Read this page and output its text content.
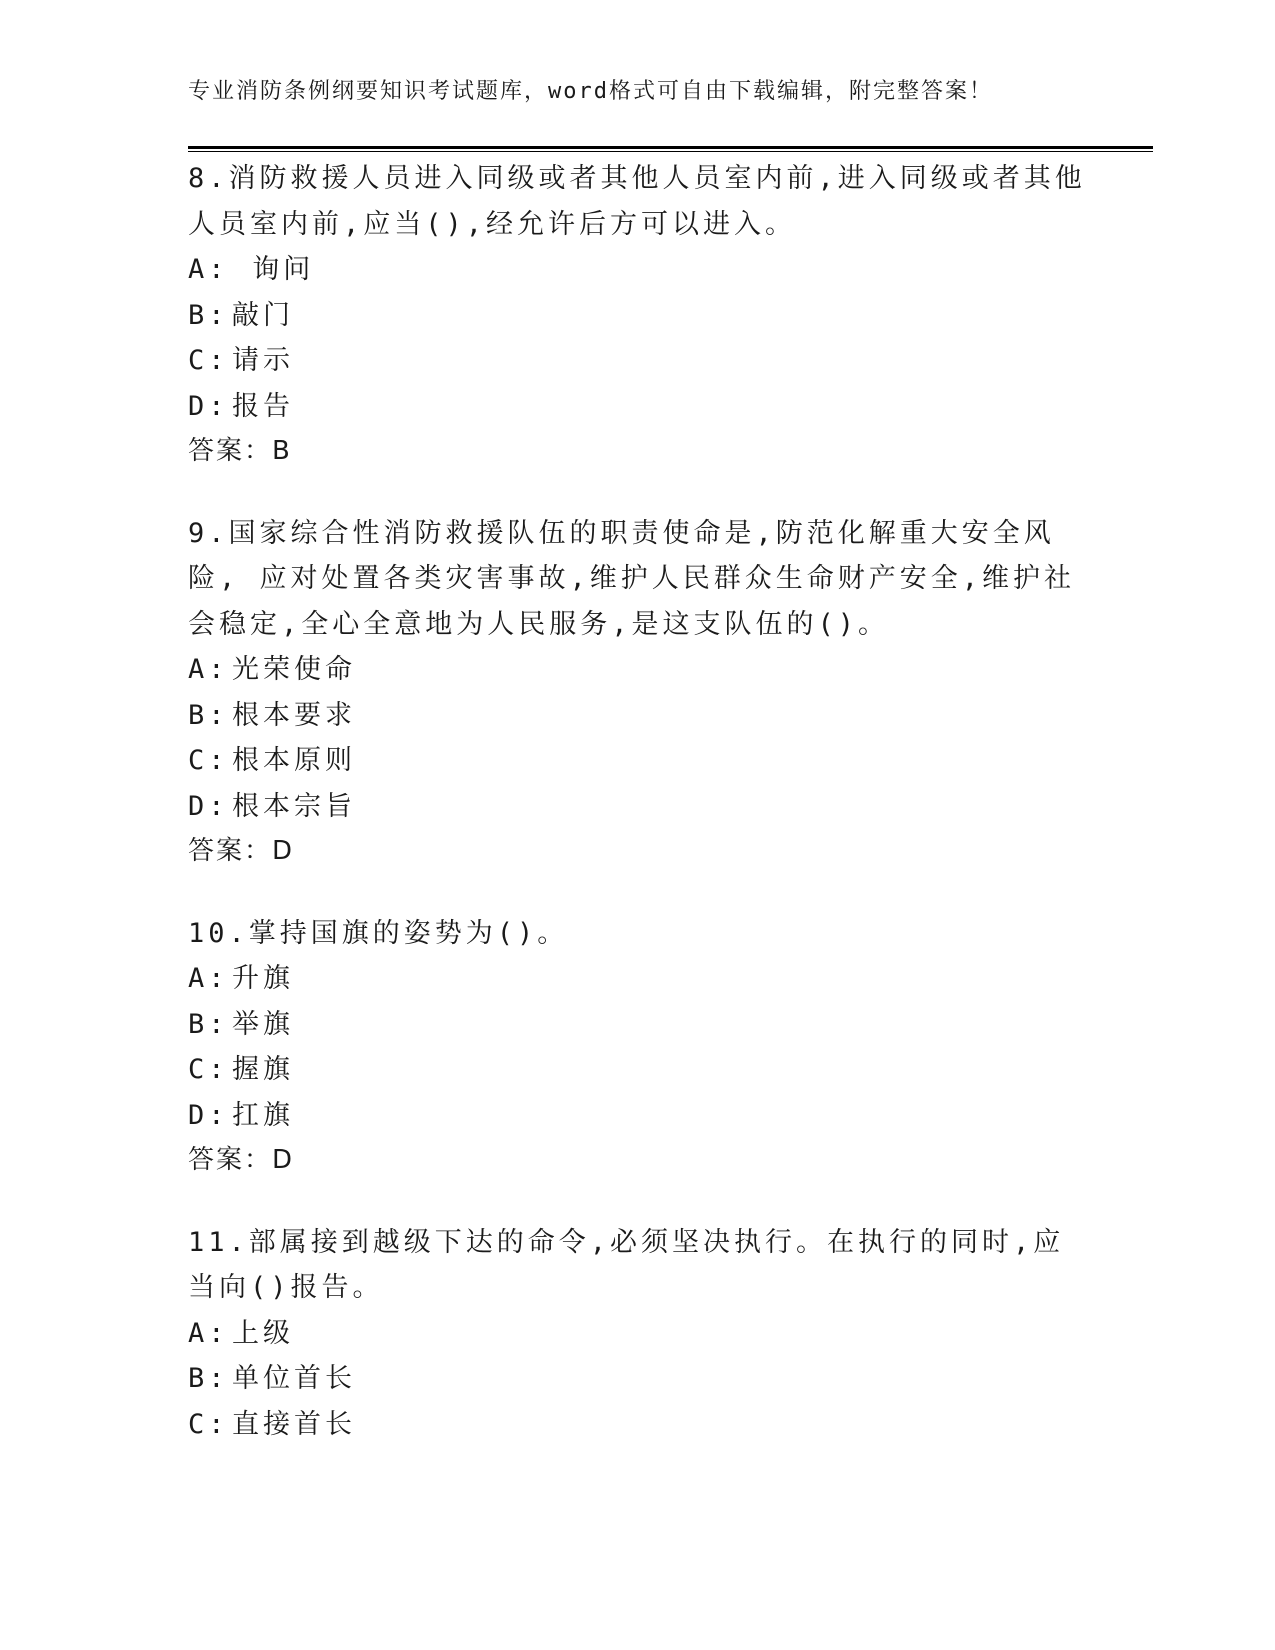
专业消防条例纲要知识考试题库，word格式可自由下载编辑，附完整答案！

8.消防救援人员进入同级或者其他人员室内前,进入同级或者其他人员室内前,应当(),经允许后方可以进入。

A: 询问

B: 敲门

C: 请示

D: 报告

答案：B

9.国家综合性消防救援队伍的职责使命是,防范化解重大安全风险, 应对处置各类灾害事故,维护人民群众生命财产安全,维护社会稳定,全心全意地为人民服务,是这支队伍的()。

A: 光荣使命

B: 根本要求

C: 根本原则

D: 根本宗旨

答案：D

10.掌持国旗的姿势为()。

A: 升旗

B: 举旗

C: 握旗

D: 扛旗

答案：D

11.部属接到越级下达的命令,必须坚决执行。在执行的同时,应当向()报告。

A: 上级

B: 单位首长

C: 直接首长
